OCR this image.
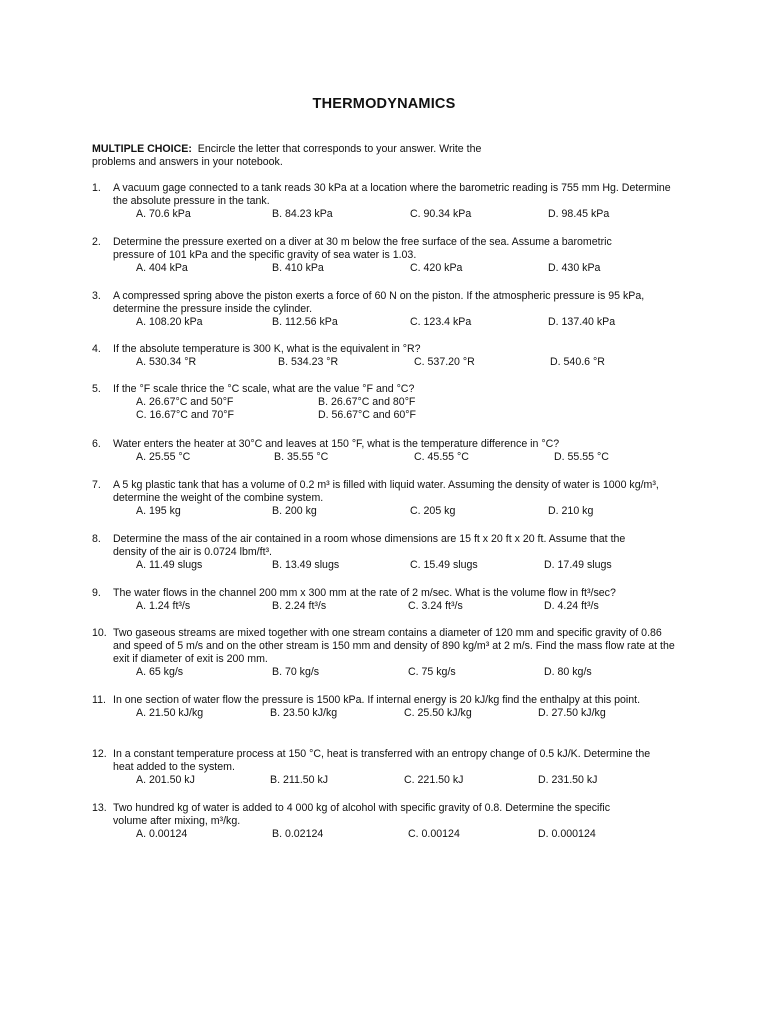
THERMODYNAMICS
MULTIPLE CHOICE: Encircle the letter that corresponds to your answer. Write the problems and answers in your notebook.
1. A vacuum gage connected to a tank reads 30 kPa at a location where the barometric reading is 755 mm Hg. Determine the absolute pressure in the tank.
A. 70.6 kPa	B. 84.23 kPa	C. 90.34 kPa	D. 98.45 kPa
2. Determine the pressure exerted on a diver at 30 m below the free surface of the sea. Assume a barometric pressure of 101 kPa and the specific gravity of sea water is 1.03.
A. 404 kPa	B. 410 kPa	C. 420 kPa	D. 430 kPa
3. A compressed spring above the piston exerts a force of 60 N on the piston. If the atmospheric pressure is 95 kPa, determine the pressure inside the cylinder.
A. 108.20 kPa	B. 112.56 kPa	C. 123.4 kPa	D. 137.40 kPa
4. If the absolute temperature is 300 K, what is the equivalent in °R?
A. 530.34 °R	B. 534.23 °R	C. 537.20 °R	D. 540.6 °R
5. If the °F scale thrice the °C scale, what are the value °F and °C?
A. 26.67°C and 50°F	B. 26.67°C and 80°F
C. 16.67°C and 70°F	D. 56.67°C and 60°F
6. Water enters the heater at 30°C and leaves at 150 °F, what is the temperature difference in °C?
A. 25.55 °C	B. 35.55 °C	C. 45.55 °C	D. 55.55 °C
7. A 5 kg plastic tank that has a volume of 0.2 m³ is filled with liquid water. Assuming the density of water is 1000 kg/m³, determine the weight of the combine system.
A. 195 kg	B. 200 kg	C. 205 kg	D. 210 kg
8. Determine the mass of the air contained in a room whose dimensions are 15 ft x 20 ft x 20 ft. Assume that the density of the air is 0.0724 lbm/ft³.
A. 11.49 slugs	B. 13.49 slugs	C. 15.49 slugs	D. 17.49 slugs
9. The water flows in the channel 200 mm x 300 mm at the rate of 2 m/sec. What is the volume flow in ft³/sec?
A. 1.24 ft³/s	B. 2.24 ft³/s	C. 3.24 ft³/s	D. 4.24 ft³/s
10. Two gaseous streams are mixed together with one stream contains a diameter of 120 mm and specific gravity of 0.86 and speed of 5 m/s and on the other stream is 150 mm and density of 890 kg/m³ at 2 m/s. Find the mass flow rate at the exit if diameter of exit is 200 mm.
A. 65 kg/s	B. 70 kg/s	C. 75 kg/s	D. 80 kg/s
11. In one section of water flow the pressure is 1500 kPa. If internal energy is 20 kJ/kg find the enthalpy at this point.
A. 21.50 kJ/kg	B. 23.50 kJ/kg	C. 25.50 kJ/kg	D. 27.50 kJ/kg
12. In a constant temperature process at 150 °C, heat is transferred with an entropy change of 0.5 kJ/K. Determine the heat added to the system.
A. 201.50 kJ	B. 211.50 kJ	C. 221.50 kJ	D. 231.50 kJ
13. Two hundred kg of water is added to 4 000 kg of alcohol with specific gravity of 0.8. Determine the specific volume after mixing, m³/kg.
A. 0.00124	B. 0.02124	C. 0.00124	D. 0.000124
